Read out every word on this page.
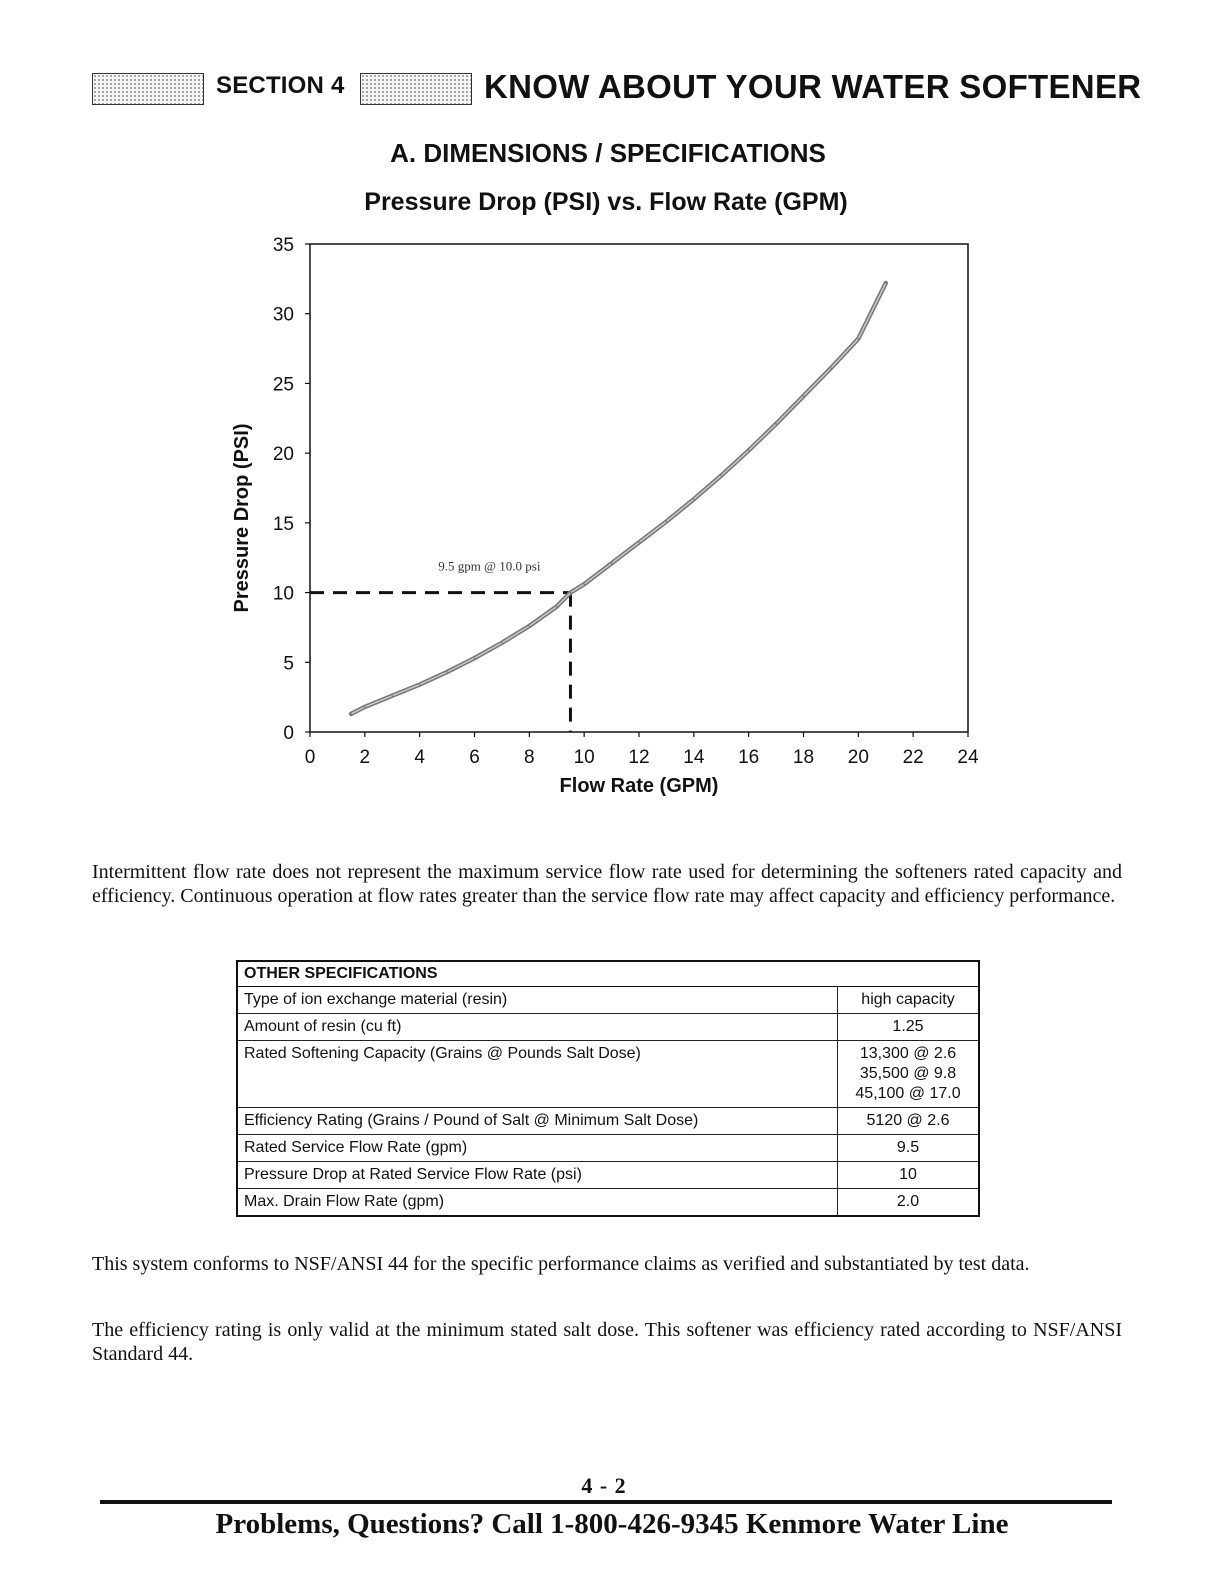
SECTION 4	KNOW ABOUT YOUR WATER SOFTENER
A. DIMENSIONS / SPECIFICATIONS
Pressure Drop (PSI) vs. Flow Rate (GPM)
0
5
10
15
20
25
30
35
0 2 4 6 8 10 12 14 16 18 20 22 24
Flow Rate (GPM)
Pressure Drop (PSI)	9.5 gpm @ 10.0 psi
Intermittent flow rate does not represent the maximum service flow rate used for determining the softeners rated capacity and efficiency. Continuous operation at flow rates greater than the service flow rate may affect capacity and efficiency performance.
OTHER SPECIFICATIONS	
Type of ion exchange material (resin)	high capacity

Amount of resin (cu ft)	1.25

Rated Softening Capacity (Grains @ Pounds Salt Dose)	13,300 @ 2.6
35,500 @ 9.8
45,100 @ 17.0

Efficiency Rating (Grains / Pound of Salt @ Minimum Salt Dose)	5120 @ 2.6

Rated Service Flow Rate (gpm)	9.5

Pressure Drop at Rated Service Flow Rate (psi)	10

Max. Drain Flow Rate (gpm)	2.0
This system conforms to NSF/ANSI 44 for the specific performance claims as verified and substantiated by test data.
The efficiency rating is only valid at the minimum stated salt dose. This softener was efficiency rated according to NSF/ANSI Standard 44.
4 - 2
Problems, Questions? Call 1-800-426-9345 Kenmore Water Line
